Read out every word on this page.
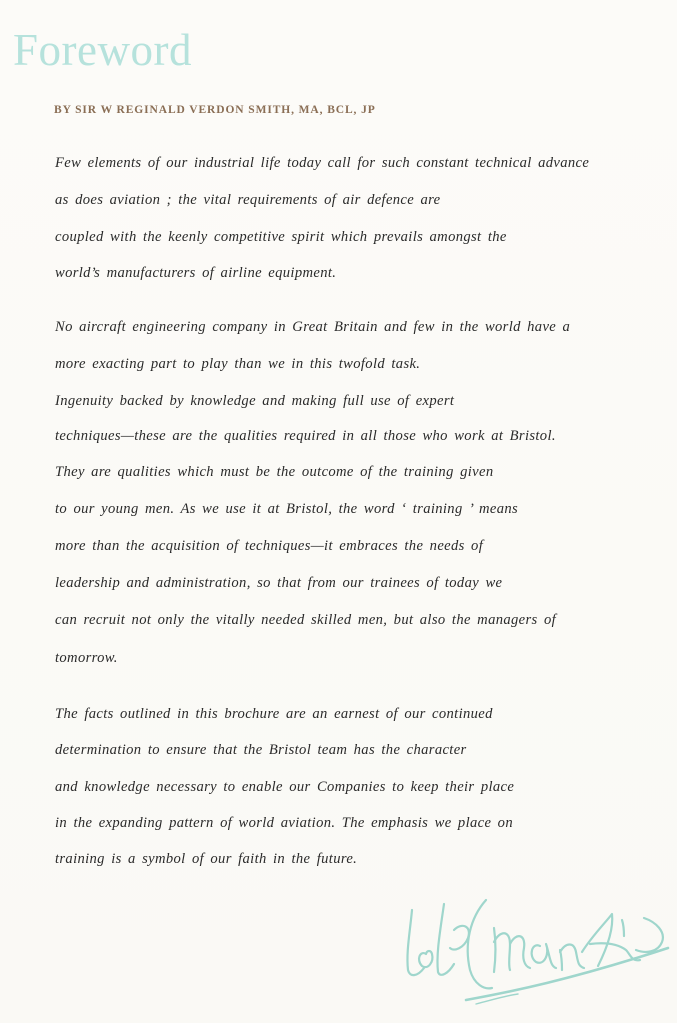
Foreword

BY SIR W REGINALD VERDON SMITH, MA, BCL, JP

Few elements of our industrial life today call for such constant technical advance

as does aviation ; the vital requirements of air defence are

coupled with the keenly competitive spirit which prevails amongst the

world’s manufacturers of airline equipment.

No aircraft engineering company in Great Britain and few in the world have a

more exacting part to play than we in this twofold task.

Ingenuity backed by knowledge and making full use of expert

techniques—these are the qualities required in all those who work at Bristol.

They are qualities which must be the outcome of the training given

to our young men. As we use it at Bristol, the word ‘ training ’ means

more than the acquisition of techniques—it embraces the needs of

leadership and administration, so that from our trainees of today we

can recruit not only the vitally needed skilled men, but also the managers of

tomorrow.

The facts outlined in this brochure are an earnest of our continued

determination to ensure that the Bristol team has the character

and knowledge necessary to enable our Companies to keep their place

in the expanding pattern of world aviation. The emphasis we place on

training is a symbol of our faith in the future.
